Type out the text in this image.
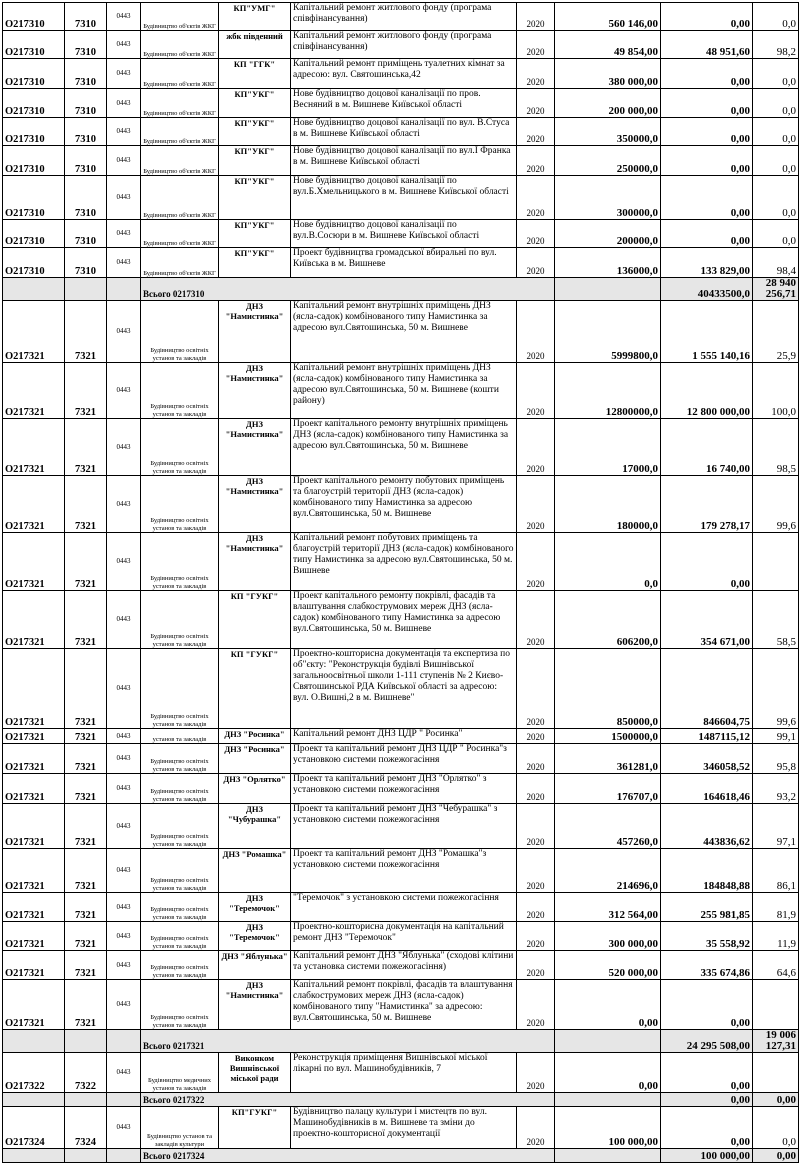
О217310	7310	0443	Будівництво об'єктів ЖКГ	КП"УМГ"	Капітальний ремонт житлового фонду (програма співфінансування)	2020	560 146,00	0,00	0,0	
О217310	7310	0443	Будівництво об'єктів ЖКГ	жбк південний	Капітальний ремонт житлового фонду (програма співфінансування)	2020	49 854,00	48 951,60	98,2	
О217310	7310	0443	Будівництво об'єктів ЖКГ	КП "ГГК"	Капітальний ремонт приміщень туалетних кімнат за адресою: вул. Святошинська,42	2020	380 000,00	0,00	0,0	
О217310	7310	0443	Будівництво об'єктів ЖКГ	КП"УКГ"	Нове будівництво доцової каналізації по пров. Весняний в м. Вишневе Київської області	2020	200 000,00	0,00	0,0	
О217310	7310	0443	Будівництво об'єктів ЖКГ	КП"УКГ"	Нове будівництво доцової каналізації по вул. В.Стуса в м. Вишневе Київської області	2020	350000,0	0,00	0,0	
О217310	7310	0443	Будівництво об'єктів ЖКГ	КП"УКГ"	Нове будівництво доцової каналізації по вул.І Франка в м. Вишневе Київської області	2020	250000,0	0,00	0,0	
О217310	7310	0443	Будівництво об'єктів ЖКГ	КП"УКГ"	Нове будівництво доцової каналізації по вул.Б.Хмельницького в м. Вишневе Київської області	2020	300000,0	0,00	0,0	
О217310	7310	0443	Будівництво об'єктів ЖКГ	КП"УКГ"	Нове будівництво доцової каналізації по вул.В.Сосюри в м. Вишневе Київської області	2020	200000,0	0,00	0,0	
О217310	7310	0443	Будівництво об'єктів ЖКГ	КП"УКГ"	Проект будівництва громадської вбиральні по вул. Київська в м. Вишневе	2020	136000,0	133 829,00	98,4	
			Всього 0217310					40433500,0	28 940 256,71	
О217321	7321	0443	Будівництво освітніх установ та закладів	ДНЗ "Намистинка"	Капітальний ремонт внутрішніх приміщень ДНЗ (ясла-садок) комбінованого типу Намистинка за адресою вул.Святошинська, 50 м. Вишневе	2020	5999800,0	1 555 140,16	25,9	
О217321	7321	0443	Будівництво освітніх установ та закладів	ДНЗ "Намистинка"	Капітальний ремонт внутрішніх приміщень ДНЗ (ясла-садок) комбінованого типу Намистинка за адресою вул.Святошинська, 50 м. Вишневе (кошти району)	2020	12800000,0	12 800 000,00	100,0	
О217321	7321	0443	Будівництво освітніх установ та закладів	ДНЗ "Намистинка"	Проект капітального ремонту внутрішніх приміщень ДНЗ (ясла-садок) комбінованого типу Намистинка за адресою вул.Святошинська, 50 м. Вишневе	2020	17000,0	16 740,00	98,5	
О217321	7321	0443	Будівництво освітніх установ та закладів	ДНЗ "Намистинка"	Проект капітального ремонту побутових приміщень та благоустрій території ДНЗ (ясла-садок) комбінованого типу Намистинка за адресою вул.Святошинська, 50 м. Вишневе	2020	180000,0	179 278,17	99,6	
О217321	7321	0443	Будівництво освітніх установ та закладів	ДНЗ "Намистинка"	Капітальний ремонт побутових приміщень та благоустрій території ДНЗ (ясла-садок) комбінованого типу Намистинка за адресою вул.Святошинська, 50 м. Вишневе	2020	0,0	0,00		
О217321	7321	0443	Будівництво освітніх установ та закладів	КП "ГУКГ"	Проект капітального ремонту покрівлі, фасадів та влаштування слабкострумових мереж ДНЗ (ясла-садок) комбінованого типу Намистинка за адресою вул.Святошинська, 50 м. Вишневе	2020	606200,0	354 671,00	58,5	
О217321	7321	0443	Будівництво освітніх установ та закладів	КП "ГУКГ"	Проектно-кошторисна документація та експертиза по об"єкту: "Реконструкція будівлі Вишнівської загальноосвітньої школи 1-111 ступенів № 2 Києво-Святошинської РДА Київської області за адресою: вул. О.Вишні,2 в м. Вишневе"	2020	850000,0	846604,75	99,6	
О217321	7321	0443	установ та закладів	ДНЗ "Росинка"	Капітальний ремонт ДНЗ ЦДР " Росинка"	2020	1500000,0	1487115,12	99,1	
О217321	7321	0443	Будівництво освітніх установ та закладів	ДНЗ "Росинка"	Проект та капітальний ремонт ДНЗ ЦДР " Росинка"з установкою системи пожежогасіння	2020	361281,0	346058,52	95,8	
О217321	7321	0443	Будівництво освітніх установ та закладів	ДНЗ "Орлятко"	Проект та капітальний ремонт ДНЗ "Орлятко" з установкою системи пожежогасіння	2020	176707,0	164618,46	93,2	
О217321	7321	0443	Будівництво освітніх установ та закладів	ДНЗ "Чубурашка"	Проект та капітальний ремонт ДНЗ "Чебурашка" з установкою системи пожежогасіння	2020	457260,0	443836,62	97,1	
О217321	7321	0443	Будівництво освітніх установ та закладів	ДНЗ "Ромашка"	Проект та капітальний ремонт ДНЗ "Ромашка"з установкою системи пожежогасіння	2020	214696,0	184848,88	86,1	
О217321	7321	0443	Будівництво освітніх установ та закладів	ДНЗ "Теремочок"	"Теремочок" з установкою системи пожежогасіння	2020	312 564,00	255 981,85	81,9	
О217321	7321	0443	Будівництво освітніх установ та закладів	ДНЗ "Теремочок"	Проектно-кошторисна документація на капітальний ремонт ДНЗ "Теремочок"	2020	300 000,00	35 558,92	11,9	
О217321	7321	0443	Будівництво освітніх установ та закладів	ДНЗ "Яблунька"	Капітальний ремонт ДНЗ "Яблунька" (сходові клітини та установка системи пожежогасіння)	2020	520 000,00	335 674,86	64,6	
О217321	7321	0443	Будівництво освітніх установ та закладів	ДНЗ "Намистинка"	Капітальний ремонт покрівлі, фасадів та влаштування слабкострумових мереж ДНЗ (ясла-садок) комбінованого типу "Намистинка" за адресою: вул.Святошинська, 50 м. Вишневе	2020	0,00	0,00		
			Всього 0217321					24 295 508,00	19 006 127,31	
О217322	7322	0443	Будівництво медичних установ та закладів	Виконком Вишнівської міської ради	Реконструкція приміщення Вишнівської міської лікарні по вул. Машинобудівників, 7	2020	0,00	0,00		
			Всього 0217322					0,00	0,00	
О217324	7324	0443	Будівництво установ та закладів культури	КП"ГУКГ"	Будівництво палацу культури і мистецтв по вул. Машинобудівників в м. Вишневе та зміни до проектно-кошторисної документації	2020	100 000,00	0,00	0,0	
			Всього 0217324					100 000,00	0,00	
